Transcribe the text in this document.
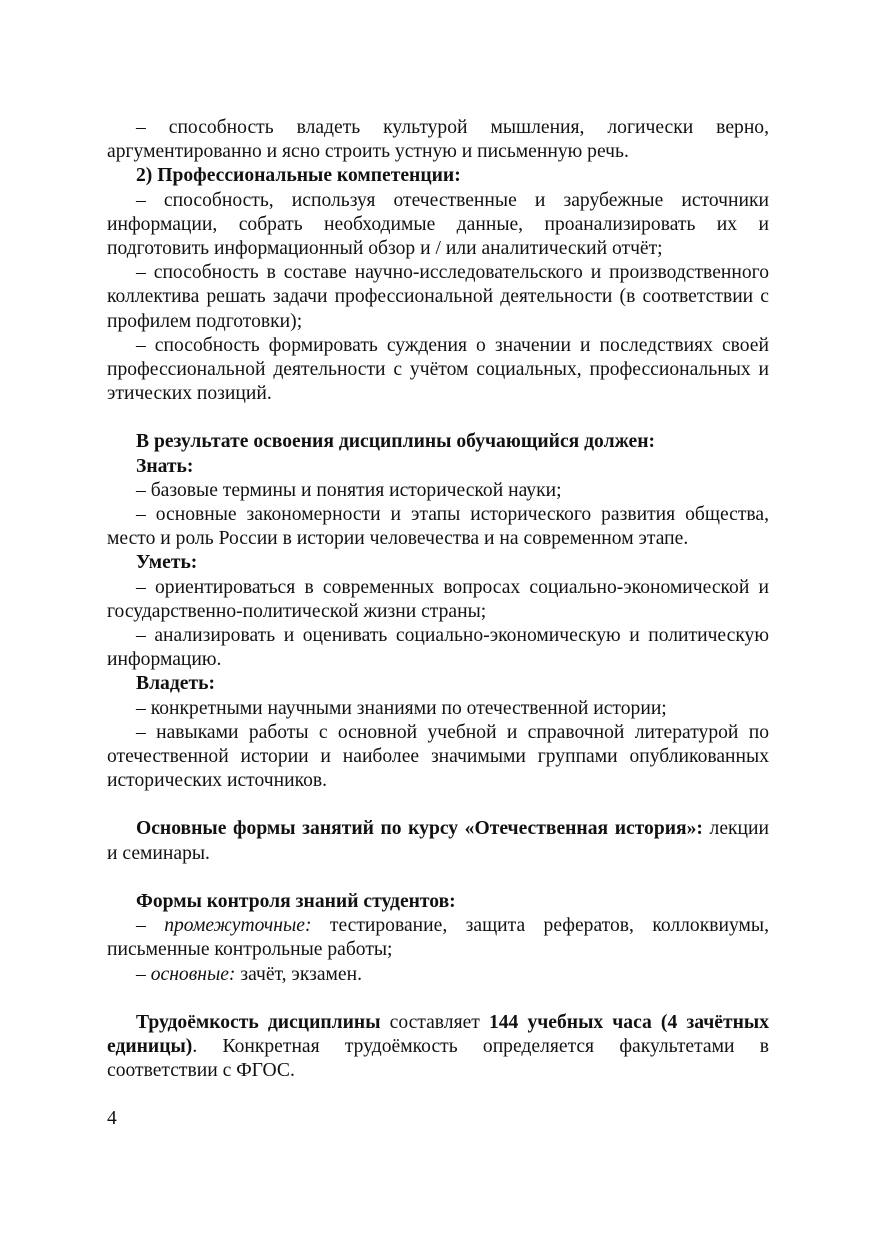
– способность владеть культурой мышления, логически верно, аргументированно и ясно строить устную и письменную речь.

2) Профессиональные компетенции:

– способность, используя отечественные и зарубежные источники информации, собрать необходимые данные, проанализировать их и подготовить информационный обзор и / или аналитический отчёт;

– способность в составе научно-исследовательского и производственного коллектива решать задачи профессиональной деятельности (в соответствии с профилем подготовки);

– способность формировать суждения о значении и последствиях своей профессиональной деятельности с учётом социальных, профессиональных и этических позиций.

В результате освоения дисциплины обучающийся должен:

Знать:

– базовые термины и понятия исторической науки;

– основные закономерности и этапы исторического развития общества, место и роль России в истории человечества и на современном этапе.

Уметь:

– ориентироваться в современных вопросах социально-экономической и государственно-политической жизни страны;

– анализировать и оценивать социально-экономическую и политическую информацию.

Владеть:

– конкретными научными знаниями по отечественной истории;

– навыками работы с основной учебной и справочной литературой по отечественной истории и наиболее значимыми группами опубликованных исторических источников.

Основные формы занятий по курсу «Отечественная история»: лекции и семинары.

Формы контроля знаний студентов:

– промежуточные: тестирование, защита рефератов, коллоквиумы, письменные контрольные работы;

– основные: зачёт, экзамен.

Трудоёмкость дисциплины составляет 144 учебных часа (4 зачётных единицы). Конкретная трудоёмкость определяется факультетами в соответствии с ФГОС.

4
